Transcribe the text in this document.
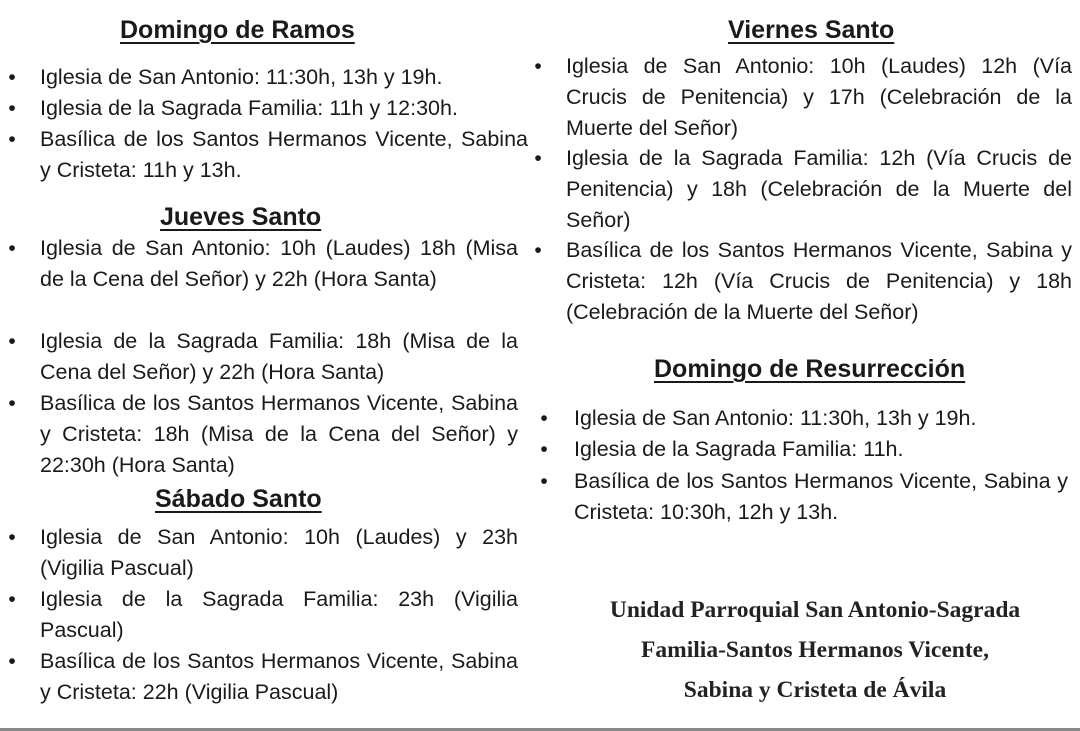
Domingo de Ramos
• Iglesia de San Antonio: 11:30h, 13h y 19h.
• Iglesia de la Sagrada Familia: 11h y 12:30h.
• Basílica de los Santos Hermanos Vicente, Sabina y Cristeta: 11h y 13h.
Jueves Santo
• Iglesia de San Antonio: 10h (Laudes) 18h (Misa de la Cena del Señor) y 22h (Hora Santa)
• Iglesia de la Sagrada Familia: 18h (Misa de la Cena del Señor) y 22h (Hora Santa)
• Basílica de los Santos Hermanos Vicente, Sabina y Cristeta: 18h (Misa de la Cena del Señor) y 22:30h (Hora Santa)
Sábado Santo
• Iglesia de San Antonio: 10h (Laudes) y 23h (Vigilia Pascual)
• Iglesia de la Sagrada Familia: 23h (Vigilia Pascual)
• Basílica de los Santos Hermanos Vicente, Sabina y Cristeta: 22h (Vigilia Pascual)
Viernes Santo
• Iglesia de San Antonio: 10h (Laudes) 12h (Vía Crucis de Penitencia) y 17h (Celebración de la Muerte del Señor)
• Iglesia de la Sagrada Familia: 12h (Vía Crucis de Penitencia) y 18h (Celebración de la Muerte del Señor)
• Basílica de los Santos Hermanos Vicente, Sabina y Cristeta: 12h (Vía Crucis de Penitencia) y 18h (Celebración de la Muerte del Señor)
Domingo de Resurrección
• Iglesia de San Antonio: 11:30h, 13h y 19h.
• Iglesia de la Sagrada Familia: 11h.
• Basílica de los Santos Hermanos Vicente, Sabina y Cristeta: 10:30h, 12h y 13h.
Unidad Parroquial San Antonio-Sagrada
Familia-Santos Hermanos Vicente,
Sabina y Cristeta de Ávila
